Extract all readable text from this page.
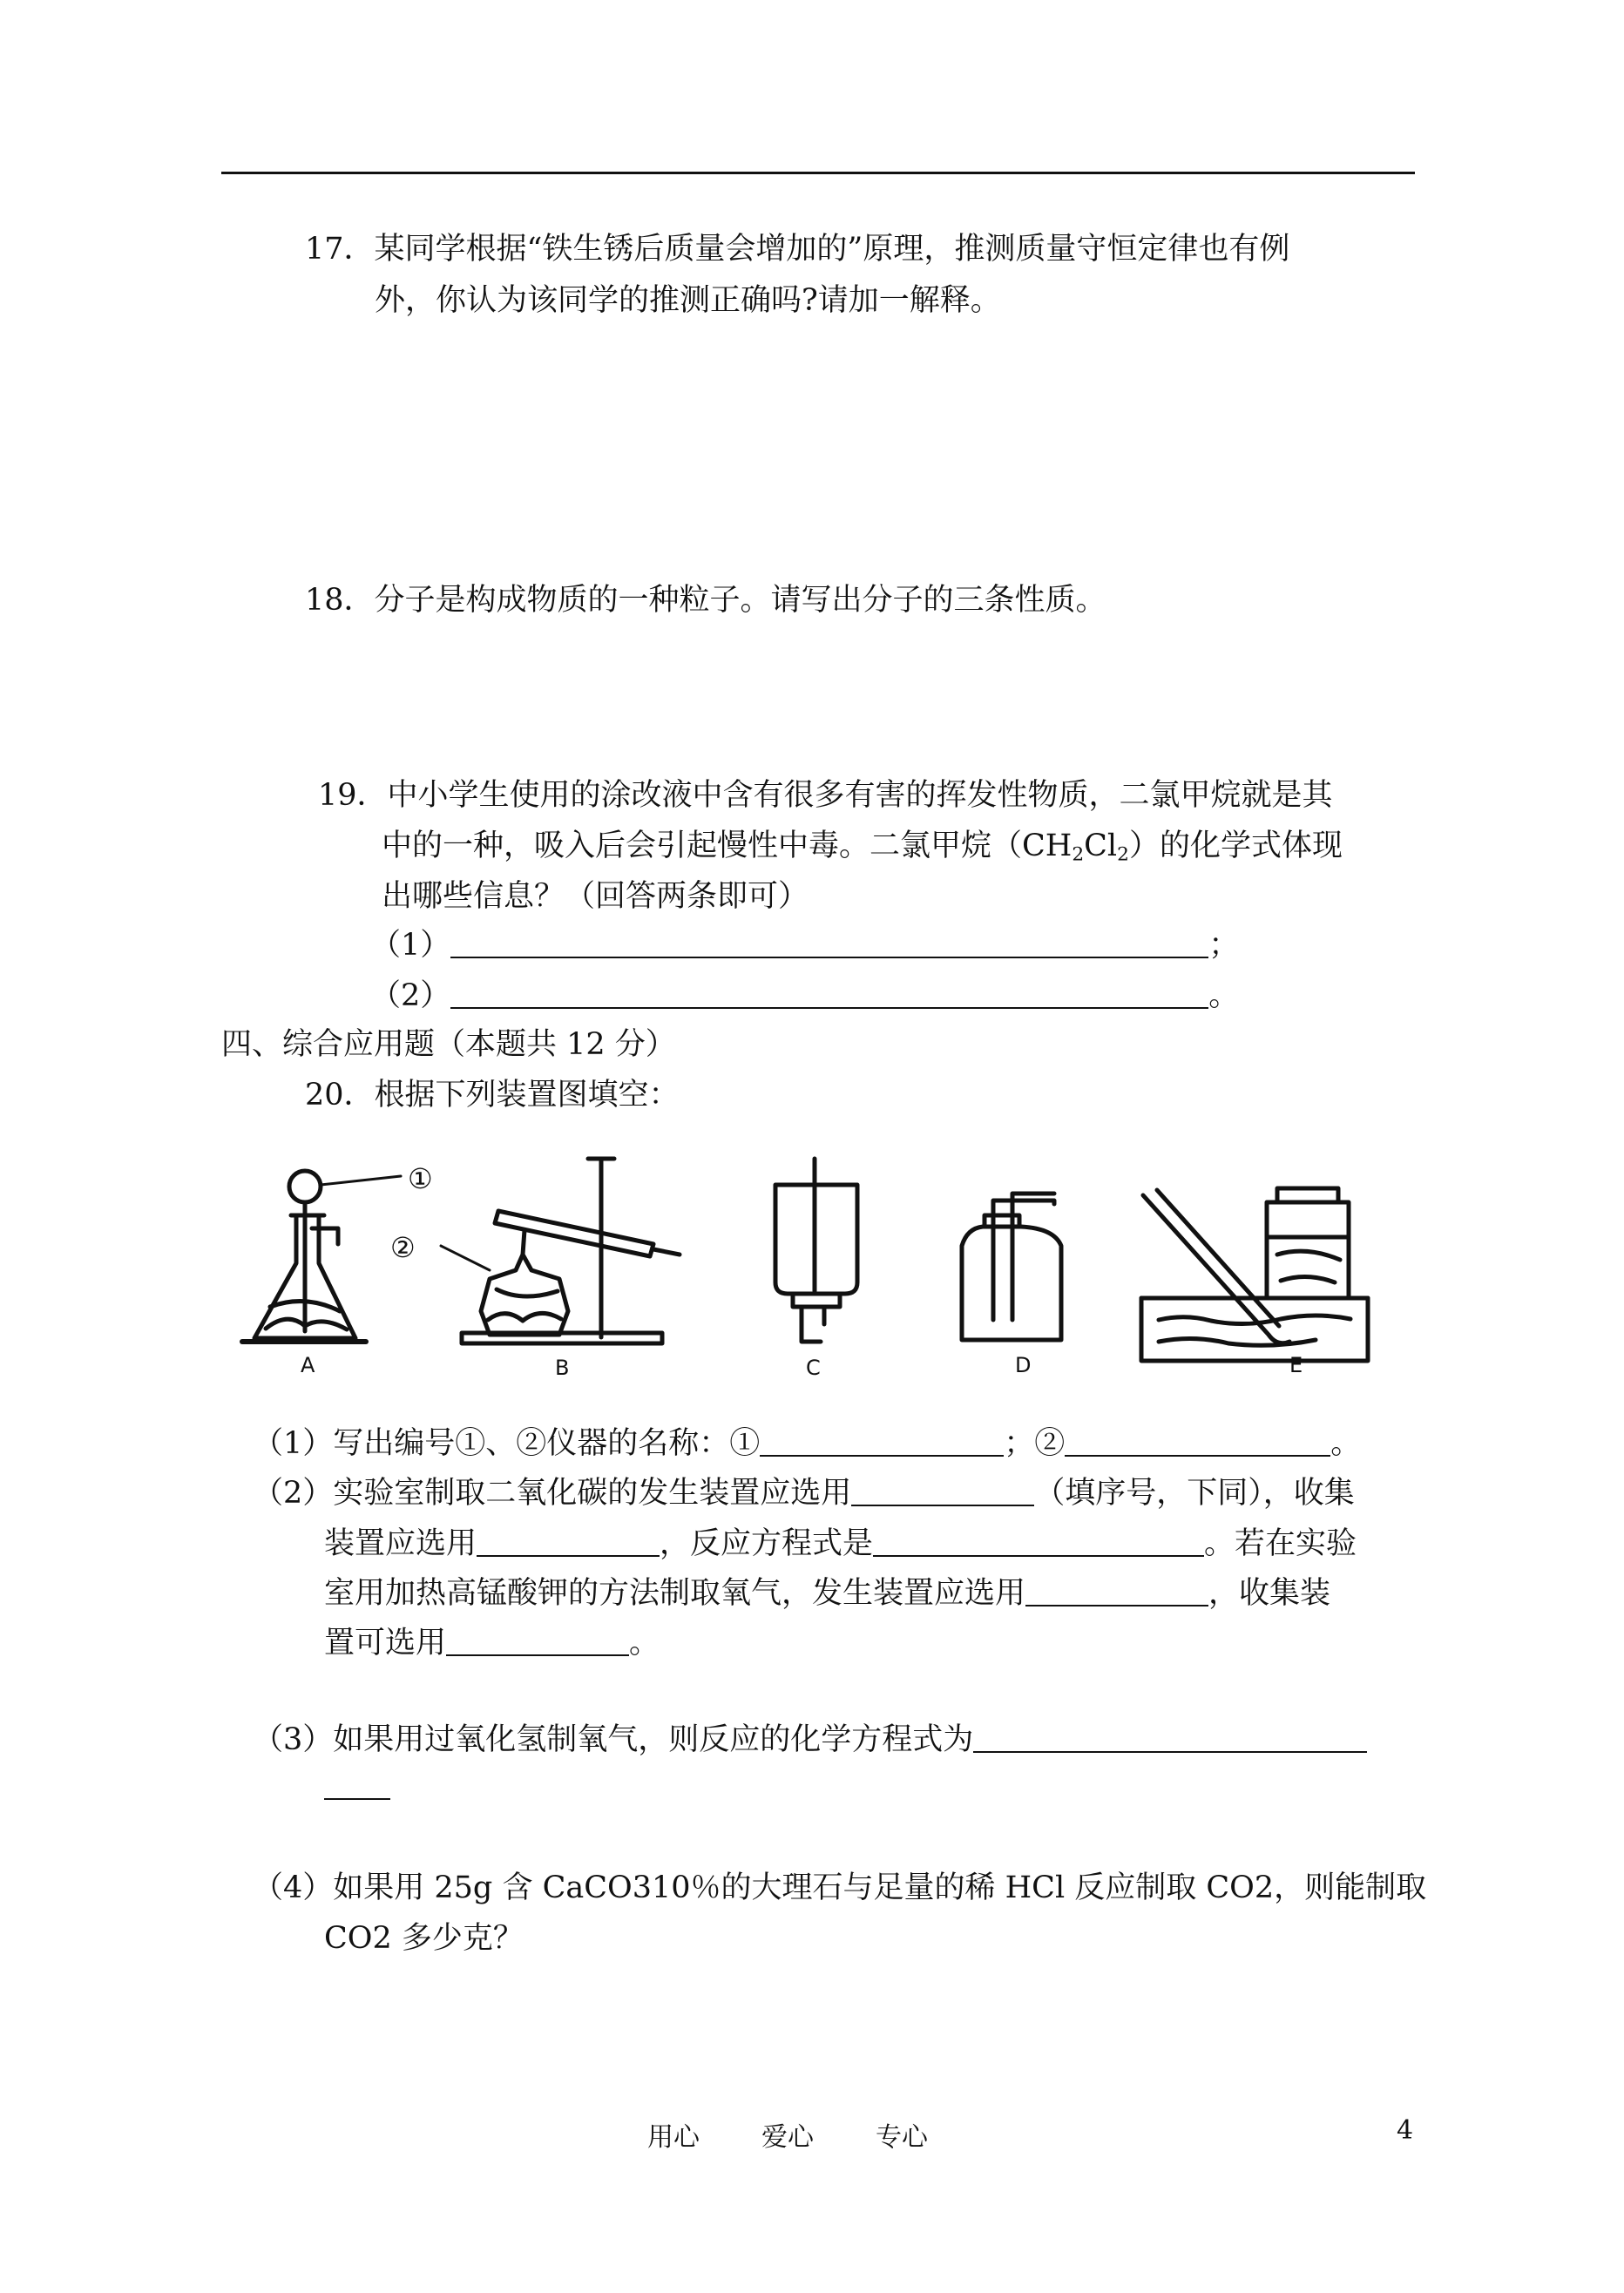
17．某同学根据“铁生锈后质量会增加的”原理，推测质量守恒定律也有例
外，你认为该同学的推测正确吗?请加一解释。
18．分子是构成物质的一种粒子。请写出分子的三条性质。
19．中小学生使用的涂改液中含有很多有害的挥发性物质，二氯甲烷就是其
中的一种，吸入后会引起慢性中毒。二氯甲烷$(CH_2Cl_2)$的化学式体现
出哪些信息？（回答两条即可）
（1）	；
（2）	。
四、综合应用题（本题共 12 分）
20．根据下列装置图填空：
①
②
A	B	C	D	E
（1）写出编号①、②仪器的名称：①	；②	。
（2）实验室制取二氧化碳的发生装置应选用	（填序号，下同），收集
装置应选用	，反应方程式是	。若在实验
室用加热高锰酸钾的方法制取氧气，发生装置应选用	，收集装
置可选用	。
（3）如果用过氧化氢制氧气，则反应的化学方程式为
（4）如果用 25g 含 CaCO310％的大理石与足量的稀 HCl 反应制取 CO2，则能制取
CO2 多少克？
用心 爱心 专心	4
